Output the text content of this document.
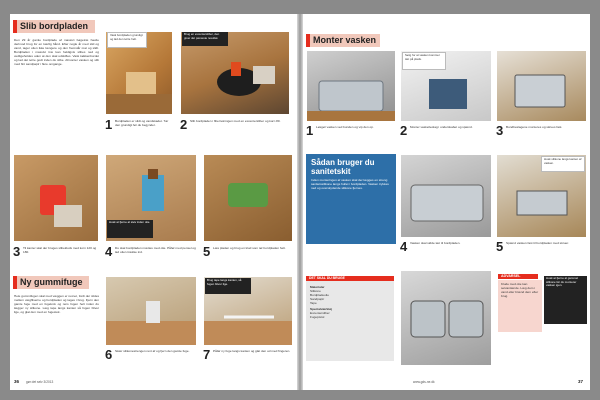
Slib bordpladen
Den 29 år gamle bordplade af massivt bøgetræ havde derimod brug for en kærlig hånd. Efter nogle år med slid og vand, tager olien ikke længere og den fremstår mat og slidt. Bordpladen i massivt træ kan heldigvis slibes ned og vedligeholdes uden at den skal udskiftes. Vask køkkenbordet og lad det tørre godt inden du slibe. Afmonter vasken og slib med fint sandpapir i flere omgange.
Vask bordpladen grundigt og lad den tørre helt.
1 Bordpladen er slidt og vandskadet. Tør den grundigt før du begynder.
Brug en excentersliber, den giver det pæneste resultat.
2 Slib bordpladen i fiberretningen med en excentersliber og korn 80.
3 Til kanter skal der bruges slibeklods med korn 120 og 180.
Husk at fjerne al støv inden olie.
4 Du skal bordpladen mættes med olie. Påfør med pensel og lad olien trække ind.	5 Læs pladen og brug en klud som tør bordpladen helt.
Ny gummifuge
Hele gummifugen skal med væggen er revnet, fordi der slides mellem vægfliserne og bordpladen og tages i brug. Fjern den gamle fuge med en fugekniv og rens fugen helt inden du lægger ny silikone. Læg tape langs kanten så fugen bliver lige, og glat den med en fugestok.
6 Skær silikonestrengen rent af og fjern den gamle fuge.
Brug tape langs kanten, så fugen bliver lige.
7 Påfør ny fuge langs kanten og glat den ud med fingeren.
36 gør det selv 3/2013
Monter vasken
1 Løsgør vasken ved bunden og vip den op.
Sørg for at vasken kommer tæt på plads.
2 Monter vaskebeslag i underskabet og spænd.	3 Bundbeslagene monteres og skrues fast.
Sådan bruger du sanitetskit
Inden monteringen af vasken skal der lægges en streng sanitetssilikone langs hullet i bordpladen. Vasken trykkes ned og overskydende silikone fjernes.
4 Vasken skal sidde tæt til bordpladen.
Husk silikone langs kanten af vasken.
5 Spænd vasken fast til bordpladen med skruer.
DET SKAL DU BRUGE
Materialer
Silikone
Bordpladeolie
Sandpapir
Tape
Specialværktøj
Excentersliber
Fugepistol
ADVARSEL
Klude med olie kan selvantænde. Læg dem i vand eller brænd dem efter brug.
Husk at fjerne al gammel silikone før du monterer vasken igen.
www.gds-ne.dk	37
